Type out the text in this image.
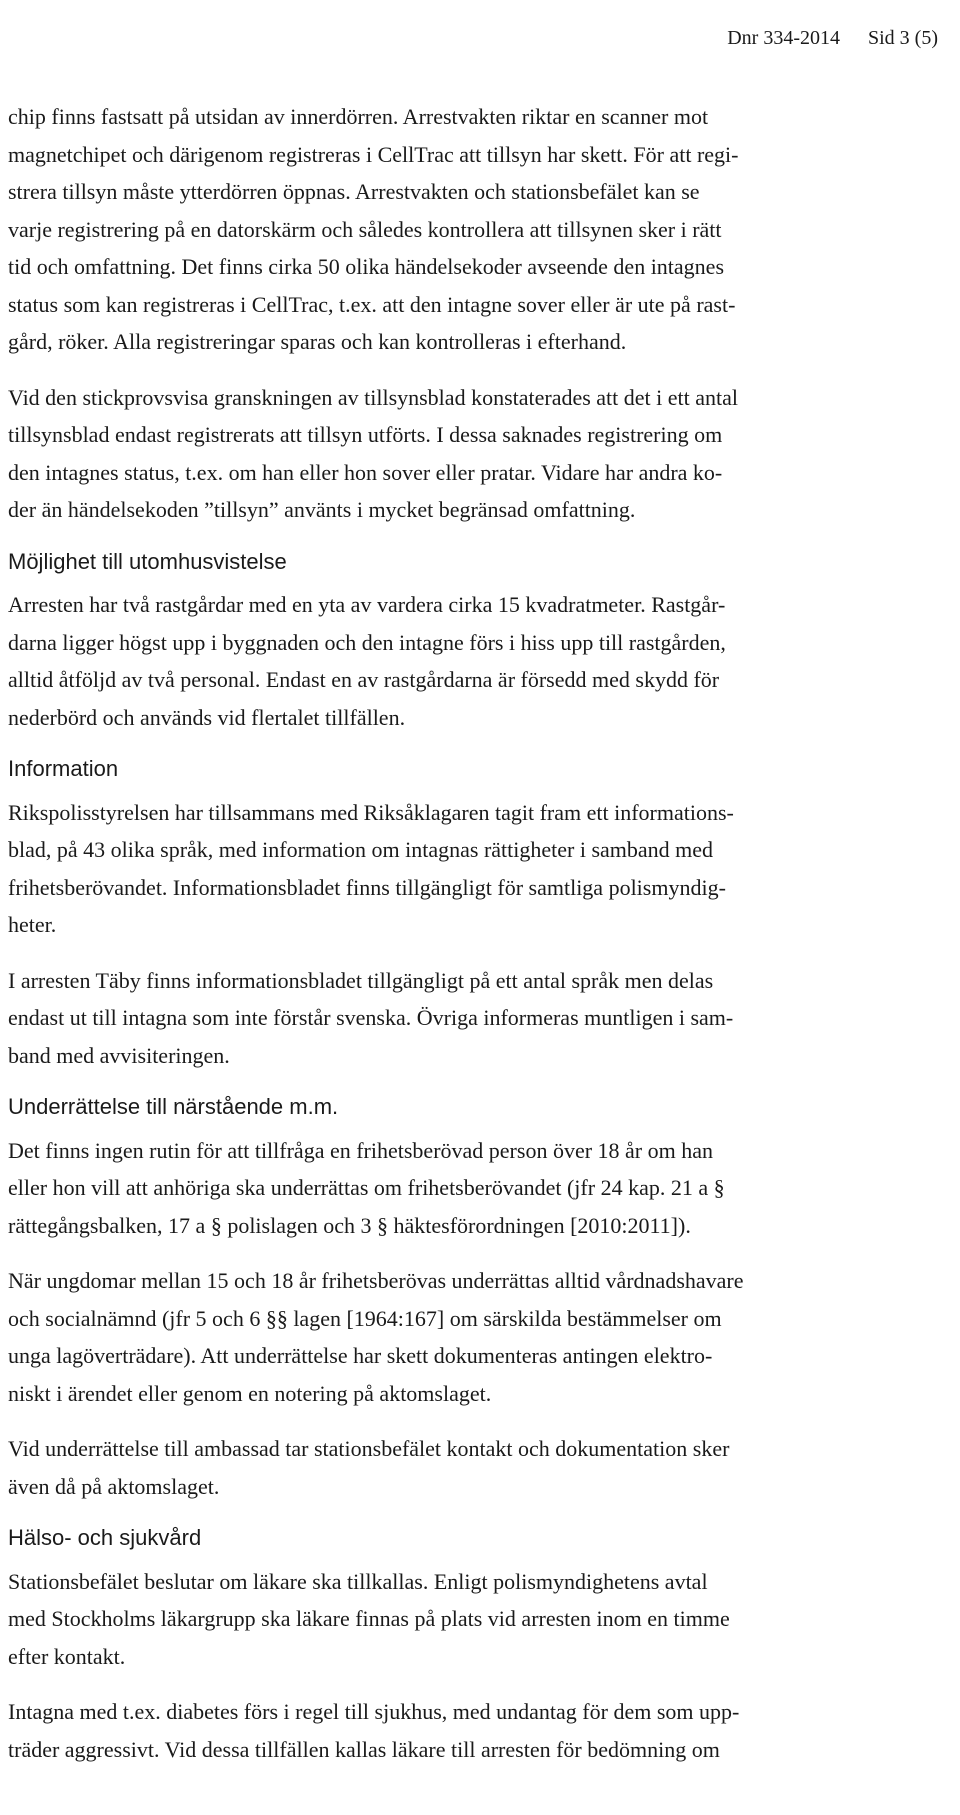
Dnr 334-2014 Sid 3 (5)

chip finns fastsatt på utsidan av innerdörren. Arrestvakten riktar en scanner mot
magnetchipet och därigenom registreras i CellTrac att tillsyn har skett. För att regi-
strera tillsyn måste ytterdörren öppnas. Arrestvakten och stationsbefälet kan se
varje registrering på en datorskärm och således kontrollera att tillsynen sker i rätt
tid och omfattning. Det finns cirka 50 olika händelsekoder avseende den intagnes
status som kan registreras i CellTrac, t.ex. att den intagne sover eller är ute på rast-
gård, röker. Alla registreringar sparas och kan kontrolleras i efterhand.

Vid den stickprovsvisa granskningen av tillsynsblad konstaterades att det i ett antal
tillsynsblad endast registrerats att tillsyn utförts. I dessa saknades registrering om
den intagnes status, t.ex. om han eller hon sover eller pratar. Vidare har andra ko-
der än händelsekoden ”tillsyn” använts i mycket begränsad omfattning.

Möjlighet till utomhusvistelse

Arresten har två rastgårdar med en yta av vardera cirka 15 kvadratmeter. Rastgår-
darna ligger högst upp i byggnaden och den intagne förs i hiss upp till rastgården,
alltid åtföljd av två personal. Endast en av rastgårdarna är försedd med skydd för
nederbörd och används vid flertalet tillfällen.

Information

Rikspolisstyrelsen har tillsammans med Riksåklagaren tagit fram ett informations-
blad, på 43 olika språk, med information om intagnas rättigheter i samband med
frihetsberövandet. Informationsbladet finns tillgängligt för samtliga polismyndig-
heter.

I arresten Täby finns informationsbladet tillgängligt på ett antal språk men delas
endast ut till intagna som inte förstår svenska. Övriga informeras muntligen i sam-
band med avvisiteringen.

Underrättelse till närstående m.m.

Det finns ingen rutin för att tillfråga en frihetsberövad person över 18 år om han
eller hon vill att anhöriga ska underrättas om frihetsberövandet (jfr 24 kap. 21 a §
rättegångsbalken, 17 a § polislagen och 3 § häktesförordningen [2010:2011]).

När ungdomar mellan 15 och 18 år frihetsberövas underrättas alltid vårdnadshavare
och socialnämnd (jfr 5 och 6 §§ lagen [1964:167] om särskilda bestämmelser om
unga lagöverträdare). Att underrättelse har skett dokumenteras antingen elektro-
niskt i ärendet eller genom en notering på aktomslaget.

Vid underrättelse till ambassad tar stationsbefälet kontakt och dokumentation sker
även då på aktomslaget.

Hälso- och sjukvård

Stationsbefälet beslutar om läkare ska tillkallas. Enligt polismyndighetens avtal
med Stockholms läkargrupp ska läkare finnas på plats vid arresten inom en timme
efter kontakt.

Intagna med t.ex. diabetes förs i regel till sjukhus, med undantag för dem som upp-
träder aggressivt. Vid dessa tillfällen kallas läkare till arresten för bedömning om
